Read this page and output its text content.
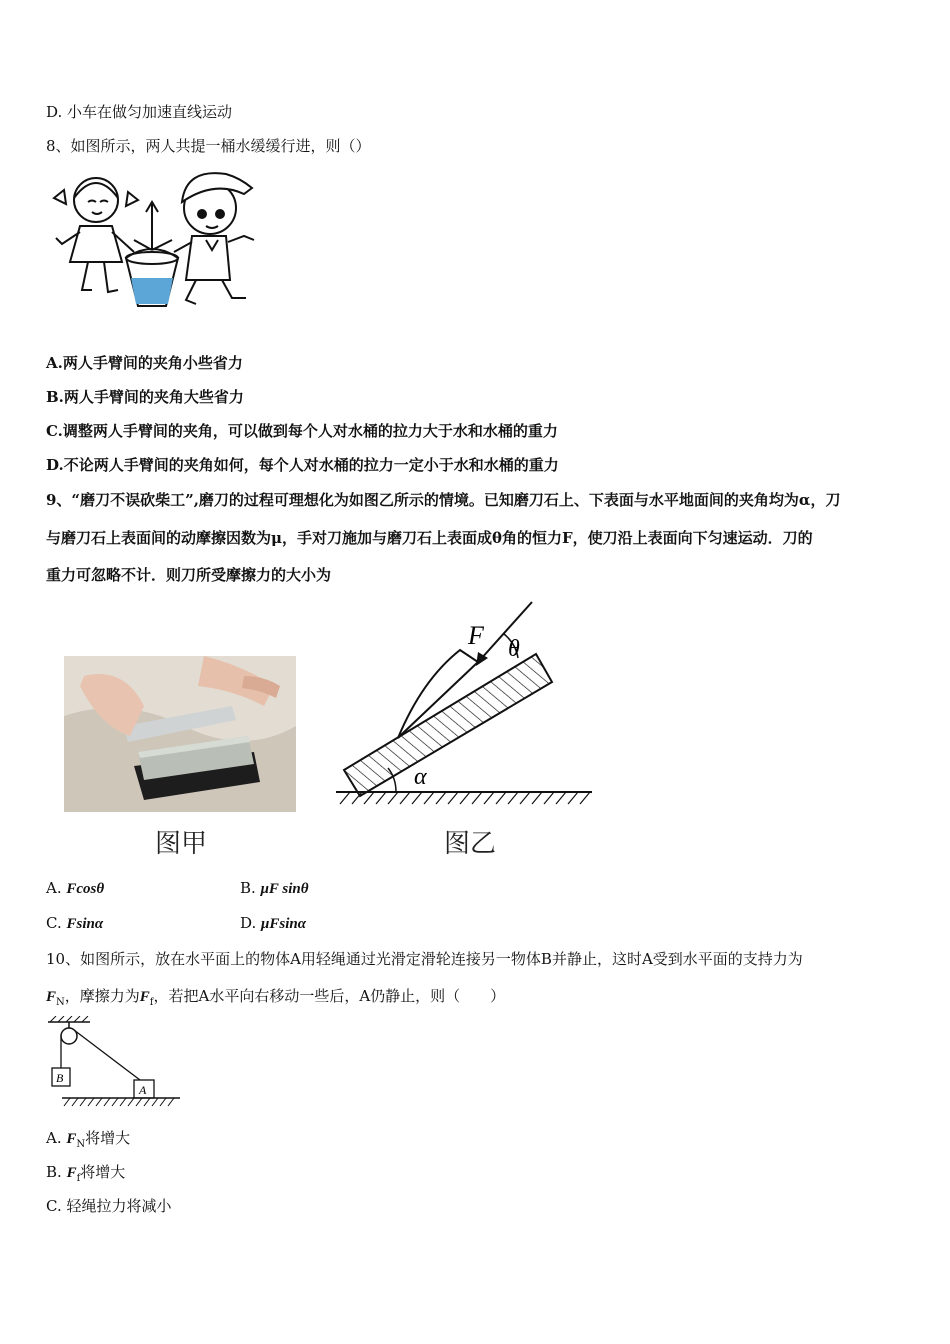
D. 小车在做匀加速直线运动
8、如图所示，两人共提一桶水缓缓行进，则（）
A.两人手臂间的夹角小些省力
B.两人手臂间的夹角大些省力
C.调整两人手臂间的夹角，可以做到每个人对水桶的拉力大于水和水桶的重力
D.不论两人手臂间的夹角如何，每个人对水桶的拉力一定小于水和水桶的重力
9、“磨刀不误砍柴工”,磨刀的过程可理想化为如图乙所示的情境。已知磨刀石上、下表面与水平地面间的夹角均为α，刀
与磨刀石上表面间的动摩擦因数为μ，手对刀施加与磨刀石上表面成θ角的恒力F，使刀沿上表面向下匀速运动．刀的
重力可忽略不计．则刀所受摩擦力的大小为
图甲
F θ
α
图乙
A. Fcosθ	B. μF sinθ
C. Fsinα	D. μFsinα
10、如图所示，放在水平面上的物体A用轻绳通过光滑定滑轮连接另一物体B并静止，这时A受到水平面的支持力为
$F_N$，摩擦力为$F_f$，若把A水平向右移动一些后，A仍静止，则（　　）
B
A
A. $F_N$将增大
B. $F_f$将增大
C. 轻绳拉力将减小
